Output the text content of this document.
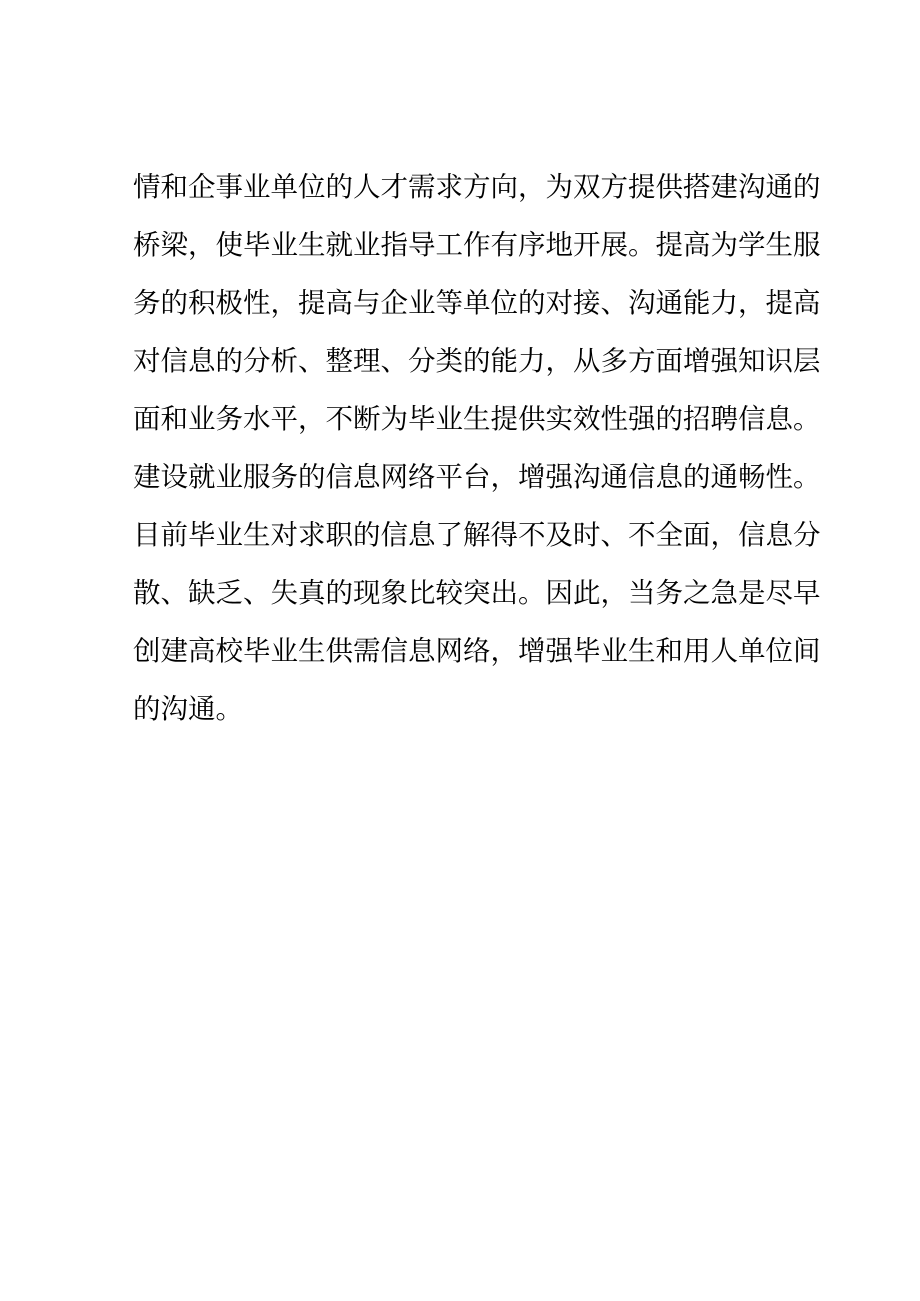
情和企事业单位的人才需求方向，为双方提供搭建沟通的
桥梁，使毕业生就业指导工作有序地开展。提高为学生服
务的积极性，提高与企业等单位的对接、沟通能力，提高
对信息的分析、整理、分类的能力，从多方面增强知识层
面和业务水平，不断为毕业生提供实效性强的招聘信息。
建设就业服务的信息网络平台，增强沟通信息的通畅性。
目前毕业生对求职的信息了解得不及时、不全面，信息分
散、缺乏、失真的现象比较突出。因此，当务之急是尽早
创建高校毕业生供需信息网络，增强毕业生和用人单位间
的沟通。
